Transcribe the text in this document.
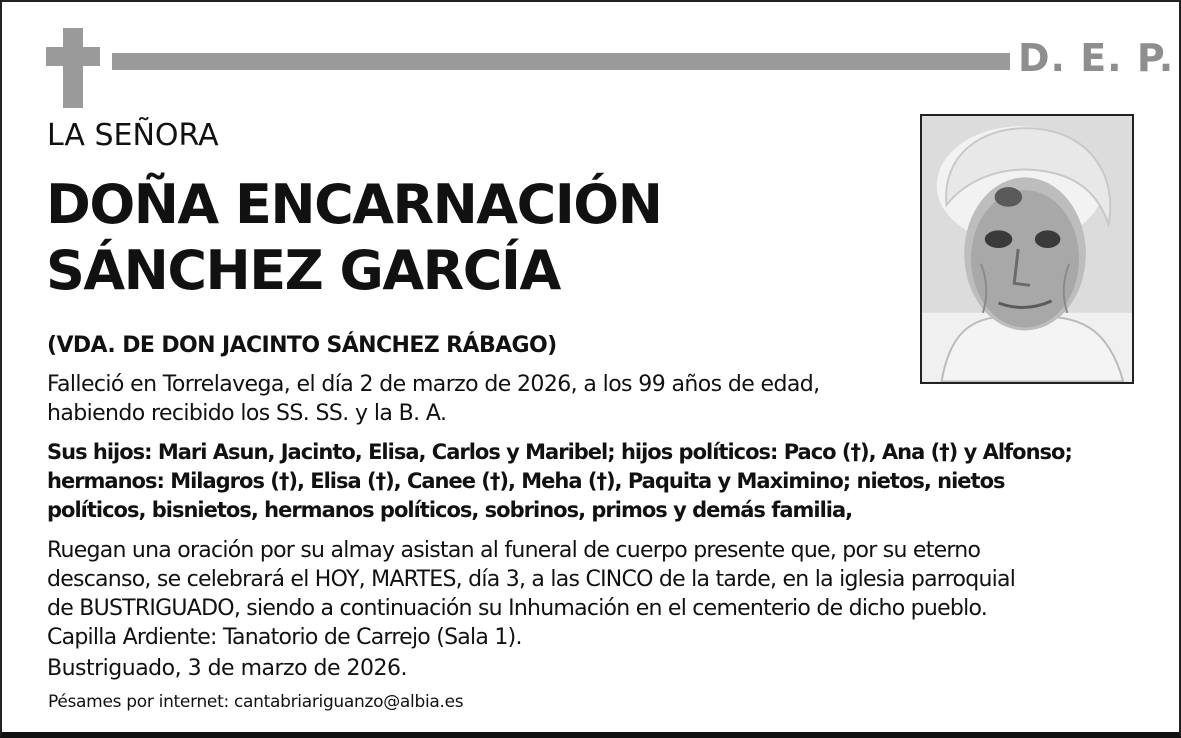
D. E. P.
LA SEÑORA
DOÑA ENCARNACIÓN
SÁNCHEZ GARCÍA
(VDA. DE DON JACINTO SÁNCHEZ RÁBAGO)
Falleció en Torrelavega, el día 2 de marzo de 2026, a los 99 años de edad,
habiendo recibido los SS. SS. y la B. A.
Sus hijos: Mari Asun, Jacinto, Elisa, Carlos y Maribel; hijos políticos: Paco (†), Ana (†) y Alfonso;
hermanos: Milagros (†), Elisa (†), Canee (†), Meha (†), Paquita y Maximino; nietos, nietos
políticos, bisnietos, hermanos políticos, sobrinos, primos y demás familia,
Ruegan una oración por su almay asistan al funeral de cuerpo presente que, por su eterno
descanso, se celebrará el HOY, MARTES, día 3, a las CINCO de la tarde, en la iglesia parroquial
de BUSTRIGUADO, siendo a continuación su Inhumación en el cementerio de dicho pueblo.
Capilla Ardiente: Tanatorio de Carrejo (Sala 1).
Bustriguado, 3 de marzo de 2026.
Pésames por internet: cantabriariguanzo@albia.es
